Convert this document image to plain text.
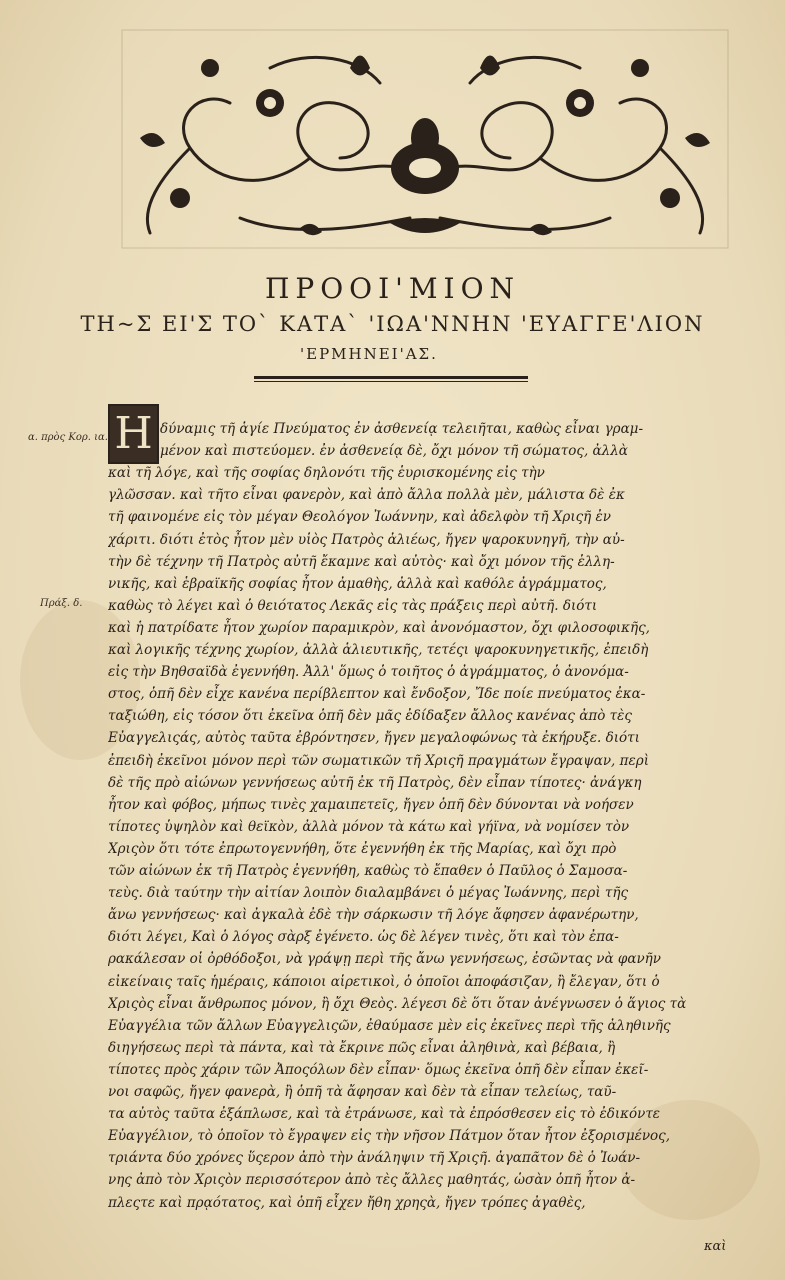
ΠΡΟΟΙ'ΜΙΟΝ
ΤΗ~Σ ΕΙ'Σ ΤΟ` ΚΑΤΑ` 'ΙΩΑ'ΝΝΗΝ 'ΕΥΑΓΓΕ'ΛΙΟΝ
'ΕΡΜΗΝΕΙ'ΑΣ.
α. πρὸς Κορ. ια.
Πράξ. δ.
Η δύναμις τῆ ἁγίε Πνεύματος ἐν ἀσθενείᾳ τελειῆται, καθὼς εἶναι γραμ-
μένον καὶ πιστεύομεν. ἐν ἀσθενείᾳ δὲ, ὄχι μόνον τῆ σώματος, ἀλλὰ
καὶ τῆ λόγε, καὶ τῆς σοφίας δηλονότι τῆς ἑυρισκομένης εἰς τὴν
γλῶσσαν. καὶ τῆτο εἶναι φανερὸν, καὶ ἀπὸ ἄλλα πολλὰ μὲν, μάλιστα δὲ ἐκ
τῆ φαινομένε εἰς τὸν μέγαν Θεολόγον Ἰωάννην, καὶ ἀδελφὸν τῆ Χριςῆ ἐν
χάριτι. διότι ἐτὸς ἦτον μὲν υἱὸς Πατρὸς ἁλιέως, ἤγεν ψαροκυνηγῆ, τὴν αὐ-
τὴν δὲ τέχνην τῆ Πατρὸς αὐτῆ ἔκαμνε καὶ αὐτὸς· καὶ ὄχι μόνον τῆς ἑλλη-
νικῆς, καὶ ἑβραϊκῆς σοφίας ἦτον ἀμαθὴς, ἀλλὰ καὶ καθόλε ἀγράμματος,
καθὼς τὸ λέγει καὶ ὁ θειότατος Λεκᾶς εἰς τὰς πράξεις περὶ αὐτῆ. διότι
καὶ ἡ πατρίδατε ἦτον χωρίον παραμικρὸν, καὶ ἀνονόμαστον, ὄχι φιλοσοφικῆς,
καὶ λογικῆς τέχνης χωρίον, ἀλλὰ ἁλιευτικῆς, τετέςι ψαροκυνηγετικῆς, ἐπειδὴ
εἰς τὴν Βηθσαϊδὰ ἐγεννήθη. Ἀλλ' ὅμως ὁ τοιῆτος ὁ ἀγράμματος, ὁ ἀνονόμα-
στος, ὁπῆ δὲν εἶχε κανένα περίβλεπτον καὶ ἔνδοξον, Ἴδε ποίε πνεύματος ἐκα-
ταξιώθη, εἰς τόσον ὅτι ἐκεῖνα ὁπῆ δὲν μᾶς ἐδίδαξεν ἄλλος κανένας ἀπὸ τὲς
Εὐαγγελιςάς, αὐτὸς ταῦτα ἐβρόντησεν, ἤγεν μεγαλοφώνως τὰ ἐκήρυξε. διότι
ἐπειδὴ ἐκεῖνοι μόνον περὶ τῶν σωματικῶν τῆ Χριςῆ πραγμάτων ἔγραψαν, περὶ
δὲ τῆς πρὸ αἰώνων γεννήσεως αὐτῆ ἐκ τῆ Πατρὸς, δὲν εἶπαν τίποτες· ἀνάγκη
ἦτον καὶ φόβος, μήπως τινὲς χαμαιπετεῖς, ἤγεν ὁπῆ δὲν δύνονται νὰ νοήσεν
τίποτες ὑψηλὸν καὶ θεϊκὸν, ἀλλὰ μόνον τὰ κάτω καὶ γήϊνα, νὰ νομίσεν τὸν
Χριςὸν ὅτι τότε ἐπρωτογεννήθη, ὅτε ἐγεννήθη ἐκ τῆς Μαρίας, καὶ ὄχι πρὸ
τῶν αἰώνων ἐκ τῆ Πατρὸς ἐγεννήθη, καθὼς τὸ ἔπαθεν ὁ Παῦλος ὁ Σαμοσα-
τεὺς. διὰ ταύτην τὴν αἰτίαν λοιπὸν διαλαμβάνει ὁ μέγας Ἰωάννης, περὶ τῆς
ἄνω γεννήσεως· καὶ ἀγκαλὰ ἐδὲ τὴν σάρκωσιν τῆ λόγε ἄφησεν ἀφανέρωτην,
διότι λέγει, Καὶ ὁ λόγος σὰρξ ἐγένετο. ὡς δὲ λέγεν τινὲς, ὅτι καὶ τὸν ἐπα-
ρακάλεσαν οἱ ὀρθόδοξοι, νὰ γράψῃ περὶ τῆς ἄνω γεννήσεως, ἐσῶντας νὰ φανῆν
εἰκείναις ταῖς ἡμέραις, κάποιοι αἱρετικοὶ, ὁ ὁποῖοι ἀποφάσιζαν, ἢ ἔλεγαν, ὅτι ὁ
Χριςὸς εἶναι ἄνθρωπος μόνον, ἢ ὄχι Θεὸς. λέγεσι δὲ ὅτι ὅταν ἀνέγνωσεν ὁ ἅγιος τὰ
Εὐαγγέλια τῶν ἄλλων Εὐαγγελιςῶν, ἐθαύμασε μὲν εἰς ἐκεῖνες περὶ τῆς ἀληθινῆς
διηγήσεως περὶ τὰ πάντα, καὶ τὰ ἔκρινε πῶς εἶναι ἀληθινὰ, καὶ βέβαια, ἢ
τίποτες πρὸς χάριν τῶν Ἀποςόλων δὲν εἶπαν· ὅμως ἐκεῖνα ὁπῆ δὲν εἶπαν ἐκεῖ-
νοι σαφῶς, ἤγεν φανερὰ, ἢ ὁπῆ τὰ ἄφησαν καὶ δὲν τὰ εἶπαν τελείως, ταῦ-
τα αὐτὸς ταῦτα ἐξάπλωσε, καὶ τὰ ἐτράνωσε, καὶ τὰ ἐπρόσθεσεν εἰς τὸ ἐδικόντε
Εὐαγγέλιον, τὸ ὁποῖον τὸ ἔγραψεν εἰς τὴν νῆσον Πάτμον ὅταν ἦτον ἐξορισμένος,
τριάντα δύο χρόνες ὕςερον ἀπὸ τὴν ἀνάληψιν τῆ Χριςῆ. ἀγαπᾶτον δὲ ὁ Ἰωάν-
νης ἀπὸ τὸν Χριςὸν περισσότερον ἀπὸ τὲς ἄλλες μαθητάς, ὡσὰν ὁπῆ ἦτον ἀ-
πλεςτε καὶ πρᾳότατος, καὶ ὁπῆ εἶχεν ἤθη χρηςὰ, ἤγεν τρόπες ἀγαθὲς,
καὶ
